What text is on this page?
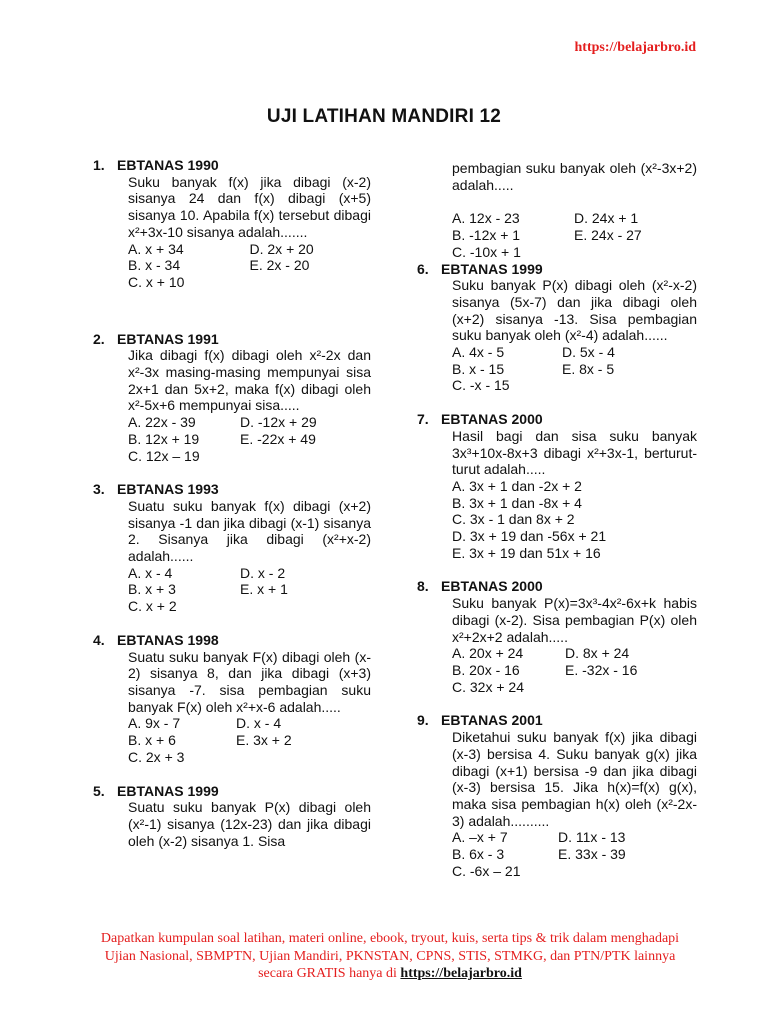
https://belajarbro.id
UJI LATIHAN MANDIRI 12
1. EBTANAS 1990
Suku banyak f(x) jika dibagi (x-2) sisanya 24 dan f(x) dibagi (x+5) sisanya 10. Apabila f(x) tersebut dibagi x²+3x-10 sisanya adalah.......
A. x + 34	D. 2x + 20
B. x - 34	E. 2x - 20
C. x + 10
2. EBTANAS 1991
Jika dibagi f(x) dibagi oleh x²-2x dan x²-3x masing-masing mempunyai sisa 2x+1 dan 5x+2, maka f(x) dibagi oleh x²-5x+6 mempunyai sisa.....
A. 22x - 39	D. -12x + 29
B. 12x + 19	E. -22x + 49
C. 12x – 19
3. EBTANAS 1993
Suatu suku banyak f(x) dibagi (x+2) sisanya -1 dan jika dibagi (x-1) sisanya 2. Sisanya jika dibagi (x²+x-2) adalah......
A. x - 4	D. x - 2
B. x + 3	E. x + 1
C. x + 2
4. EBTANAS 1998
Suatu suku banyak F(x) dibagi oleh (x-2) sisanya 8, dan jika dibagi (x+3) sisanya -7. sisa pembagian suku banyak F(x) oleh x²+x-6 adalah.....
A. 9x - 7	D. x - 4
B. x + 6	E. 3x + 2
C. 2x + 3
5. EBTANAS 1999
Suatu suku banyak P(x) dibagi oleh (x²-1) sisanya (12x-23) dan jika dibagi oleh (x-2) sisanya 1. Sisa
pembagian suku banyak oleh (x²-3x+2) adalah.....
A. 12x - 23	D. 24x + 1
B. -12x + 1	E. 24x - 27
C. -10x + 1
6. EBTANAS 1999
Suku banyak P(x) dibagi oleh (x²-x-2) sisanya (5x-7) dan jika dibagi oleh (x+2) sisanya -13. Sisa pembagian suku banyak oleh (x²-4) adalah......
A. 4x - 5	D. 5x - 4
B. x - 15	E. 8x - 5
C. -x - 15
7. EBTANAS 2000
Hasil bagi dan sisa suku banyak 3x³+10x-8x+3 dibagi x²+3x-1, berturut-turut adalah.....
A. 3x + 1 dan -2x + 2
B. 3x + 1 dan -8x + 4
C. 3x - 1 dan 8x + 2
D. 3x + 19 dan -56x + 21
E. 3x + 19 dan 51x + 16
8. EBTANAS 2000
Suku banyak P(x)=3x³-4x²-6x+k habis dibagi (x-2). Sisa pembagian P(x) oleh x²+2x+2 adalah.....
A. 20x + 24	D. 8x + 24
B. 20x - 16	E. -32x - 16
C. 32x + 24
9. EBTANAS 2001
Diketahui suku banyak f(x) jika dibagi (x-3) bersisa 4. Suku banyak g(x) jika dibagi (x+1) bersisa -9 dan jika dibagi (x-3) bersisa 15. Jika h(x)=f(x) g(x), maka sisa pembagian h(x) oleh (x²-2x-3) adalah..........
A. –x + 7	D. 11x - 13
B. 6x - 3	E. 33x - 39
C. -6x – 21
Dapatkan kumpulan soal latihan, materi online, ebook, tryout, kuis, serta tips & trik dalam menghadapi Ujian Nasional, SBMPTN, Ujian Mandiri, PKNSTAN, CPNS, STIS, STMKG, dan PTN/PTK lainnya secara GRATIS hanya di https://belajarbro.id
